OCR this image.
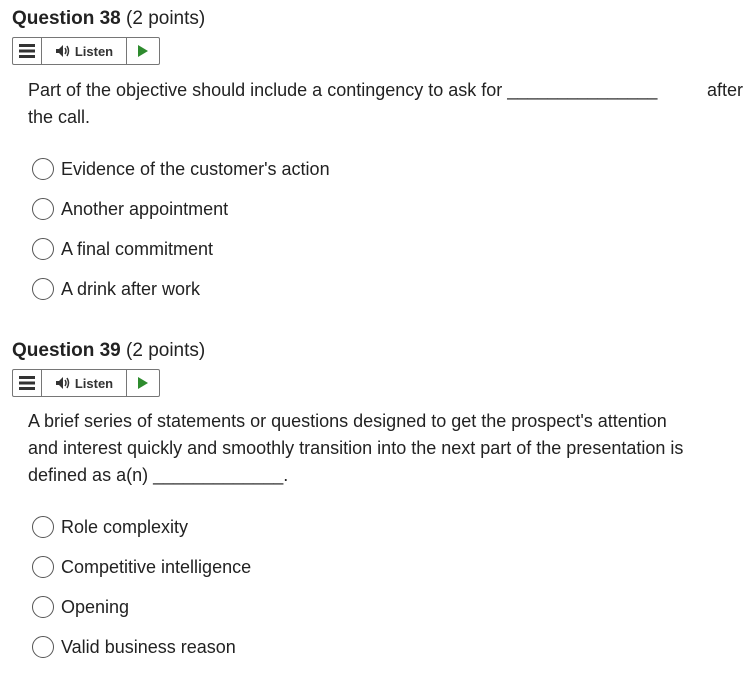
Question 38 (2 points)
Listen
Part of the objective should include a contingency to ask for _______________	after
the call.
Evidence of the customer's action
Another appointment
A final commitment
A drink after work
Question 39 (2 points)
Listen
A brief series of statements or questions designed to get the prospect's attention
and interest quickly and smoothly transition into the next part of the presentation is
defined as a(n) _____________.
Role complexity
Competitive intelligence
Opening
Valid business reason
